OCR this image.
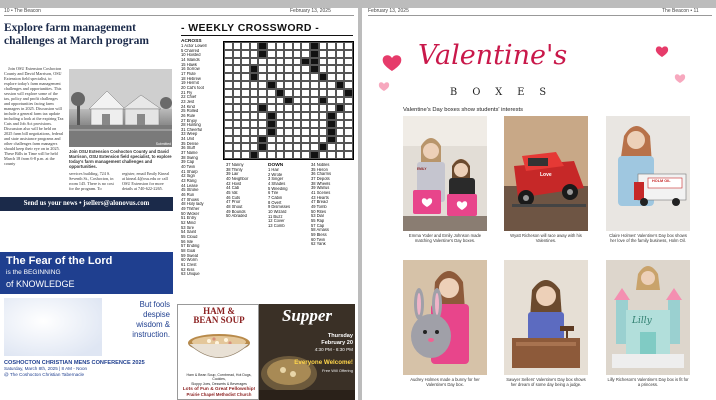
10 • The Beacon	February 13, 2025
Explore farm management challenges at March program
Join OSU Extension Coshocton County and David Marrison, OSU Extension field specialist, to explore today's farm management challenges and opportunities. This session will explore some of the tax, policy and profit challenges and opportunities facing farm managers in 2025. Discussion will include a general farm tax update including a look at the expiring Tax Cuts and Job Act provisions. Discussion also will be held on 2025 farm bill negotiations, federal and state assistance programs and other challenges farm managers should keep their eye on in 2025. These Bills in Time will be held March 18 from 6-8 p.m. at the county
Submitted
Join OSU Extension Coshocton County and David Marrison, OSU Extension field specialist, to explore today's farm management challenges and opportunities.
services building, 724 S. Seventh St., Coshocton, in room 145. There is no cost for the program. To
register, email Emily Kineal at kineal.4@osu.edu or call OSU Extension for more details at 740-622-2265.
Send us your news • jsellers@alonovus.com
The Fear of the Lord
is the BEGINNING
of KNOWLEDGE
But fools
despise
wisdom &
instruction.
COSHOCTON CHRISTIAN MENS CONFERENCE 2025
Saturday, March 8th, 2025 | 8 AM - Noon
@ The Coshocton Christian Tabernacle
- WEEKLY CROSSWORD -
ACROSS
1 Actor Lowell
5 Charred
10 Hoisted
14 Islands
15 Hawk
16 Sorrow
17 Flute
18 Hebrew
19 Hermit
20 Cat's foot
21 Fly
22 Chief
23 Jest
24 Kind
25 Rolled
26 Rule
27 Enjoy
28 Hunting
31 Cheerful
33 Weep
34 Unit
35 Dense
36 Stuff
37 Name
38 Swing
39 Cap
40 Twin
41 Sharp
42 Sign
43 Rang
44 Lease
45 Stroke
46 Run
47 Shows
48 Holy lady
49 Thither
50 Wicker
51 Entry
52 Mind
53 Sire
54 Saint
55 Cloud
56 Isle
57 Ending
58 Goal
59 Sweat
60 Worm
61 Crest
62 Kiss
63 Unique
37 Nanny
38 Thinly
39 Lair
40 Neighbor
42 Hoist
44 Cab
45 Vat
46 Cuts
47 Prior
48 Shout
49 Bounds
50 Abraded
DOWN
1 Hair
2 Wrote
3 Singer
4 Shades
5 Weeding
6 Tire
7 Cabin
8 Overt
9 Dismisses
10 Wizard
11 Buzz
12 Cover
13 Comb
34 Nobles
35 Heron
36 Charms
37 Depots
38 Wheels
39 Walrus
41 Scenes
43 Hearts
47 Bread
49 Tomb
50 Rites
53 Dial
55 Rap
57 Cap
58 Amass
59 Bless
60 Twin
62 Yank
HAM &
BEAN SOUP
Ham & Bean Soup, Cornbread, Hot Dogs, Cookies,
Sloppy Joes, Desserts & Beverages
Lots of Fun & Great Fellowship!
Prairie Chapel Methodist Church
Supper
Thursday
February 20
4:30 PM - 6:30 PM
Everyone Welcome!
Free Will Offering
February 13, 2025	The Beacon • 11
Valentine's
BOXES
Valentine's Day boxes show students' interests
EMILY
Emma Yoder and Emily Johnson made matching Valentine's Day boxes.
Love
Wyatt Richeson will race away with his Valentines.
HOLM OIL
Claire Holmes' Valentine's Day box shows her love of the family business, Holm Oil.
Audrey Holmes made a bunny for her Valentine's Day box.
Sawyer Sellers' Valentine's Day box shows her dream of some day being a judge.
Lilly
Lilly Richeson's Valentine's Day box is fit for a princess.
